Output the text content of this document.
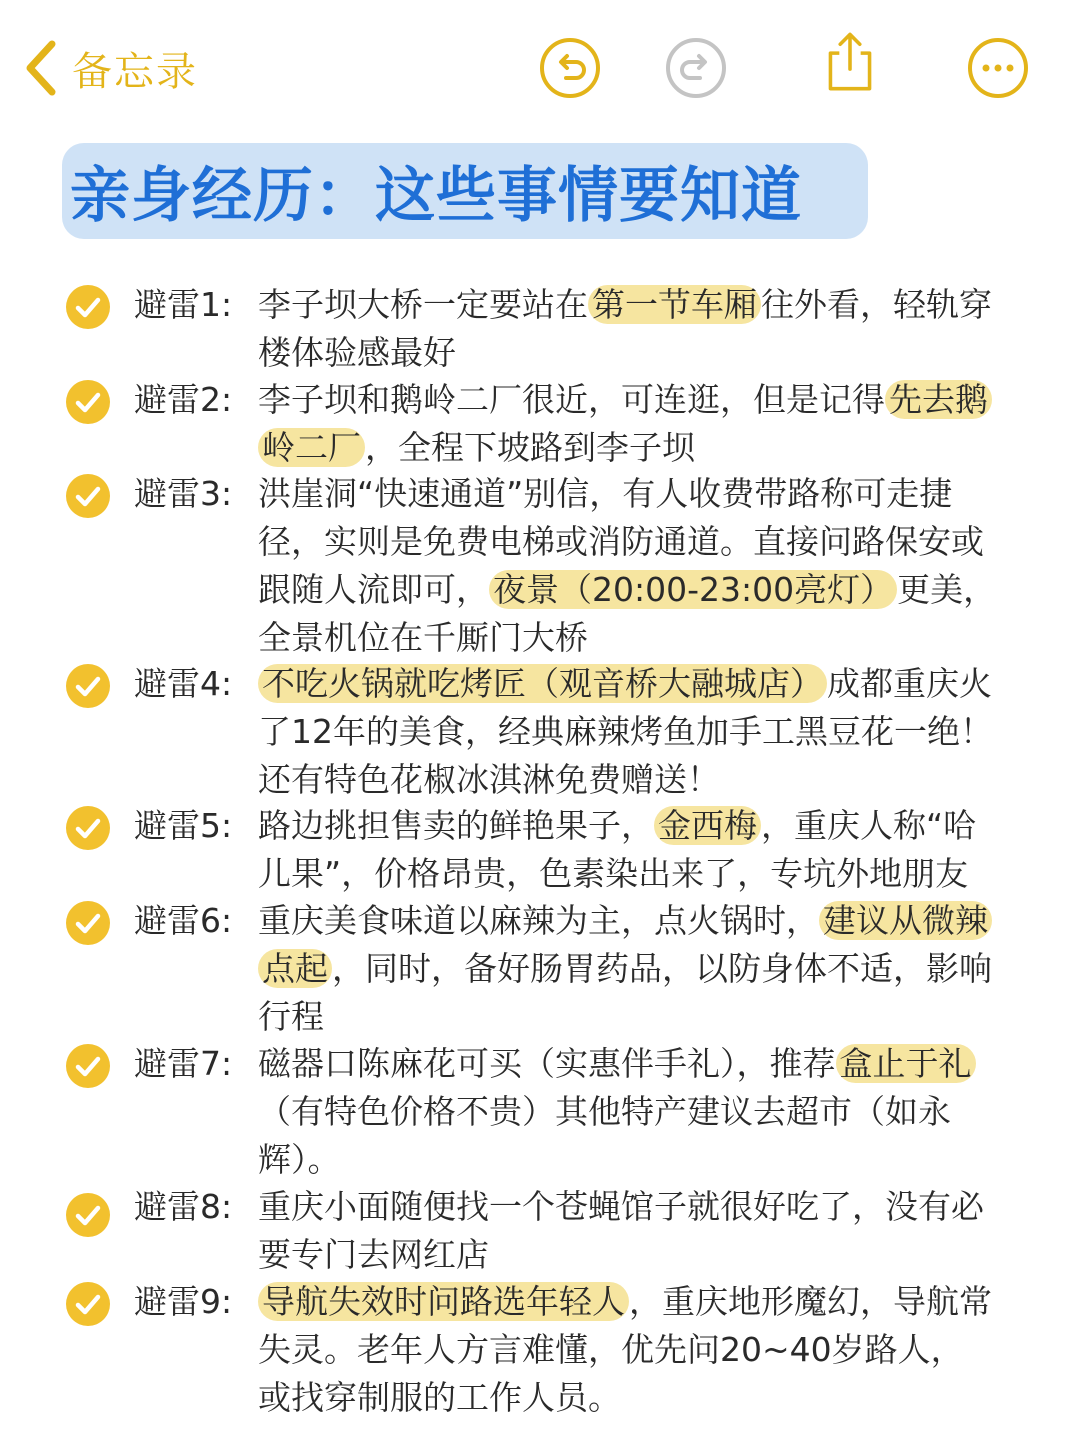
备忘录
亲身经历：这些事情要知道
避雷1: 李子坝大桥一定要站在 第一节车厢 往外看，轻轨穿
楼体验感最好
避雷2: 李子坝和鹅岭二厂很近，可连逛，但是记得 先去鹅
岭二厂 ，全程下坡路到李子坝
避雷3: 洪崖洞“快速通道”别信，有人收费带路称可走捷
径，实则是免费电梯或消防通道。直接问路保安或
跟随人流即可， 夜景（20:00-23:00亮灯） 更美，
全景机位在千厮门大桥
避雷4: 不吃火锅就吃烤匠（观音桥大融城店） 成都重庆火
了12年的美食，经典麻辣烤鱼加手工黑豆花一绝！
还有特色花椒冰淇淋免费赠送！
避雷5: 路边挑担售卖的鲜艳果子， 金西梅 ，重庆人称“哈
儿果”，价格昂贵，色素染出来了，专坑外地朋友
避雷6: 重庆美食味道以麻辣为主，点火锅时， 建议从微辣
点起 ，同时，备好肠胃药品，以防身体不适，影响
行程
避雷7: 磁器口陈麻花可买（实惠伴手礼），推荐 盒止于礼
（有特色价格不贵）其他特产建议去超市（如永
辉）。
避雷8: 重庆小面随便找一个苍蝇馆子就很好吃了，没有必
要专门去网红店
避雷9: 导航失效时问路选年轻人 ，重庆地形魔幻，导航常
失灵。老年人方言难懂，优先问20~40岁路人，
或找穿制服的工作人员。
